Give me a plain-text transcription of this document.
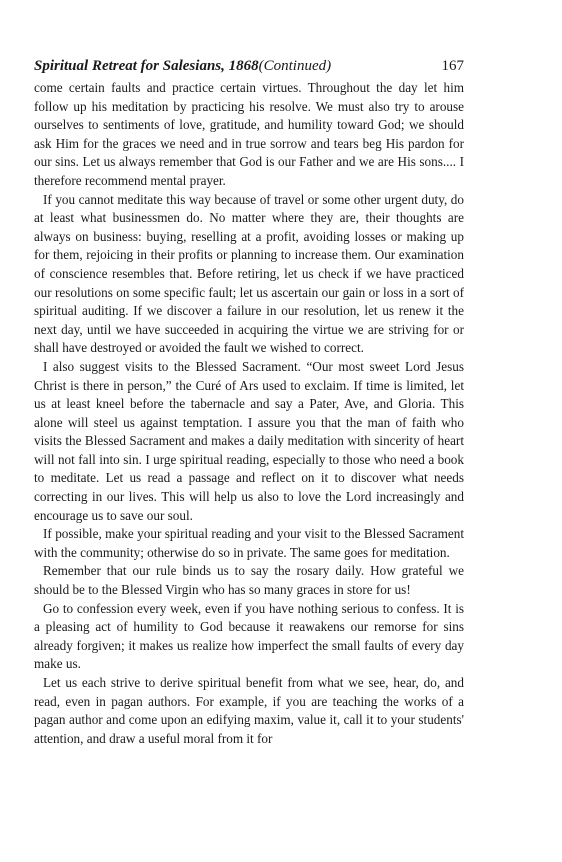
Spiritual Retreat for Salesians, 1868(Continued)	167

come certain faults and practice certain virtues. Throughout the day let him follow up his meditation by practicing his resolve. We must also try to arouse ourselves to sentiments of love, gratitude, and humility toward God; we should ask Him for the graces we need and in true sorrow and tears beg His pardon for our sins. Let us always remember that God is our Father and we are His sons.... I therefore recommend mental prayer.

If you cannot meditate this way because of travel or some other urgent duty, do at least what businessmen do. No matter where they are, their thoughts are always on business: buying, reselling at a profit, avoiding losses or making up for them, rejoicing in their profits or planning to increase them. Our examination of conscience resembles that. Before retiring, let us check if we have practiced our resolutions on some specific fault; let us ascertain our gain or loss in a sort of spiritual auditing. If we discover a failure in our resolution, let us renew it the next day, until we have succeeded in acquiring the virtue we are striving for or shall have destroyed or avoided the fault we wished to correct.

I also suggest visits to the Blessed Sacrament. “Our most sweet Lord Jesus Christ is there in person,” the Curé of Ars used to exclaim. If time is limited, let us at least kneel before the tabernacle and say a Pater, Ave, and Gloria. This alone will steel us against temptation. I assure you that the man of faith who visits the Blessed Sacrament and makes a daily meditation with sincerity of heart will not fall into sin. I urge spiritual reading, especially to those who need a book to meditate. Let us read a passage and reflect on it to discover what needs correcting in our lives. This will help us also to love the Lord increasingly and encourage us to save our soul.

If possible, make your spiritual reading and your visit to the Blessed Sacrament with the community; otherwise do so in private. The same goes for meditation.

Remember that our rule binds us to say the rosary daily. How grateful we should be to the Blessed Virgin who has so many graces in store for us!

Go to confession every week, even if you have nothing serious to confess. It is a pleasing act of humility to God because it reawakens our remorse for sins already forgiven; it makes us realize how imperfect the small faults of every day make us.

Let us each strive to derive spiritual benefit from what we see, hear, do, and read, even in pagan authors. For example, if you are teaching the works of a pagan author and come upon an edifying maxim, value it, call it to your students' attention, and draw a useful moral from it for
